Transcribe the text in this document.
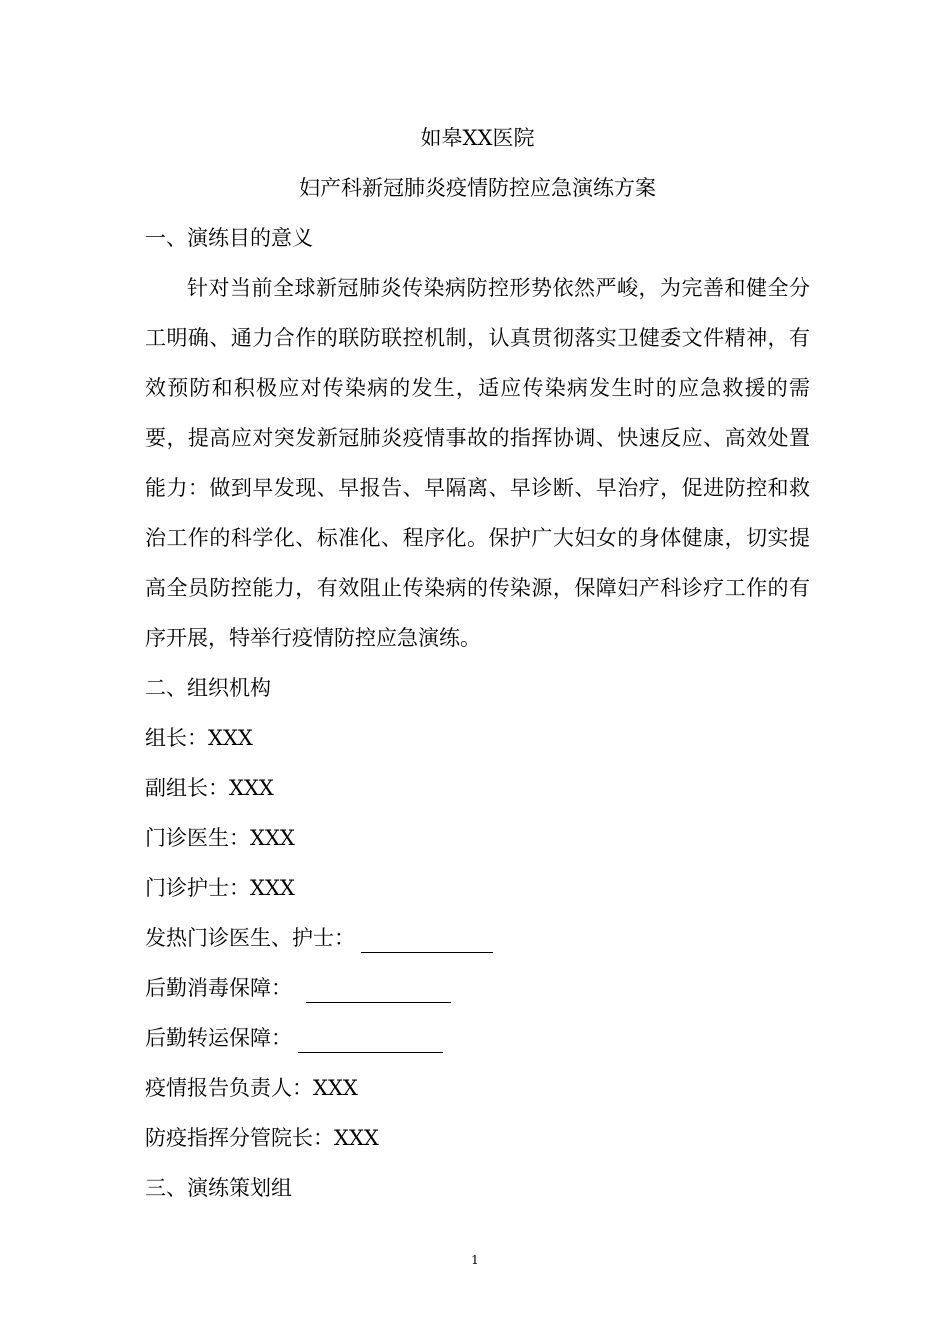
如皋XX医院
妇产科新冠肺炎疫情防控应急演练方案
一、演练目的意义

针对当前全球新冠肺炎传染病防控形势依然严峻，为完善和健全分工明确、通力合作的联防联控机制，认真贯彻落实卫健委文件精神，有效预防和积极应对传染病的发生，适应传染病发生时的应急救援的需要，提高应对突发新冠肺炎疫情事故的指挥协调、快速反应、高效处置能力：做到早发现、早报告、早隔离、早诊断、早治疗，促进防控和救治工作的科学化、标准化、程序化。保护广大妇女的身体健康，切实提高全员防控能力，有效阻止传染病的传染源，保障妇产科诊疗工作的有序开展，特举行疫情防控应急演练。

二、组织机构
组长：XXX
副组长：XXX
门诊医生：XXX
门诊护士：XXX
发热门诊医生、护士：
后勤消毒保障：
后勤转运保障：
疫情报告负责人：XXX
防疫指挥分管院长：XXX
三、演练策划组
1
